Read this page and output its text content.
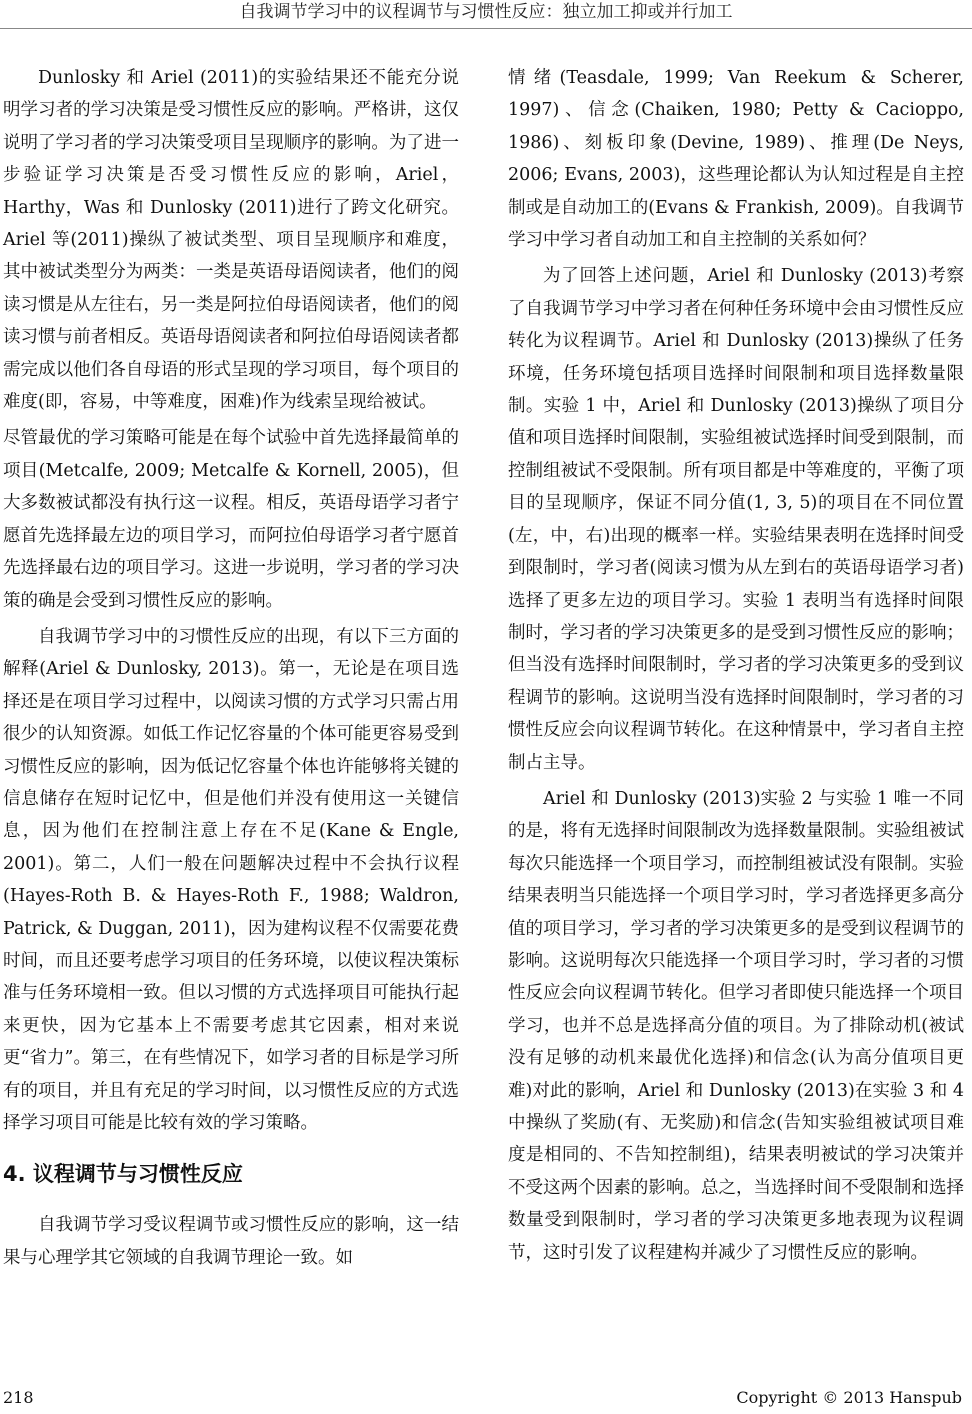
自我调节学习中的议程调节与习惯性反应：独立加工抑或并行加工

Dunlosky 和 Ariel (2011)的实验结果还不能充分说明学习者的学习决策是受习惯性反应的影响。严格讲，这仅说明了学习者的学习决策受项目呈现顺序的影响。为了进一步验证学习决策是否受习惯性反应的影响，Ariel，Harthy，Was 和 Dunlosky (2011)进行了跨文化研究。Ariel 等(2011)操纵了被试类型、项目呈现顺序和难度，其中被试类型分为两类：一类是英语母语阅读者，他们的阅读习惯是从左往右，另一类是阿拉伯母语阅读者，他们的阅读习惯与前者相反。英语母语阅读者和阿拉伯母语阅读者都需完成以他们各自母语的形式呈现的学习项目，每个项目的难度(即，容易，中等难度，困难)作为线索呈现给被试。

尽管最优的学习策略可能是在每个试验中首先选择最简单的项目(Metcalfe, 2009; Metcalfe & Kornell, 2005)，但大多数被试都没有执行这一议程。相反，英语母语学习者宁愿首先选择最左边的项目学习，而阿拉伯母语学习者宁愿首先选择最右边的项目学习。这进一步说明，学习者的学习决策的确是会受到习惯性反应的影响。

自我调节学习中的习惯性反应的出现，有以下三方面的解释(Ariel & Dunlosky, 2013)。第一，无论是在项目选择还是在项目学习过程中，以阅读习惯的方式学习只需占用很少的认知资源。如低工作记忆容量的个体可能更容易受到习惯性反应的影响，因为低记忆容量个体也许能够将关键的信息储存在短时记忆中，但是他们并没有使用这一关键信息，因为他们在控制注意上存在不足(Kane & Engle, 2001)。第二，人们一般在问题解决过程中不会执行议程(Hayes-Roth B. & Hayes-Roth F., 1988; Waldron, Patrick, & Duggan, 2011)，因为建构议程不仅需要花费时间，而且还要考虑学习项目的任务环境，以使议程决策标准与任务环境相一致。但以习惯的方式选择项目可能执行起来更快，因为它基本上不需要考虑其它因素，相对来说更“省力”。第三，在有些情况下，如学习者的目标是学习所有的项目，并且有充足的学习时间，以习惯性反应的方式选择学习项目可能是比较有效的学习策略。

4. 议程调节与习惯性反应

自我调节学习受议程调节或习惯性反应的影响，这一结果与心理学其它领域的自我调节理论一致。如

情绪(Teasdale, 1999; Van Reekum & Scherer, 1997)、信念(Chaiken, 1980; Petty & Cacioppo, 1986)、刻板印象(Devine, 1989)、推理(De Neys, 2006; Evans, 2003)，这些理论都认为认知过程是自主控制或是自动加工的(Evans & Frankish, 2009)。自我调节学习中学习者自动加工和自主控制的关系如何？

为了回答上述问题，Ariel 和 Dunlosky (2013)考察了自我调节学习中学习者在何种任务环境中会由习惯性反应转化为议程调节。Ariel 和 Dunlosky (2013)操纵了任务环境，任务环境包括项目选择时间限制和项目选择数量限制。实验 1 中，Ariel 和 Dunlosky (2013)操纵了项目分值和项目选择时间限制，实验组被试选择时间受到限制，而控制组被试不受限制。所有项目都是中等难度的，平衡了项目的呈现顺序，保证不同分值(1, 3, 5)的项目在不同位置(左，中，右)出现的概率一样。实验结果表明在选择时间受到限制时，学习者(阅读习惯为从左到右的英语母语学习者)选择了更多左边的项目学习。实验 1 表明当有选择时间限制时，学习者的学习决策更多的是受到习惯性反应的影响；但当没有选择时间限制时，学习者的学习决策更多的受到议程调节的影响。这说明当没有选择时间限制时，学习者的习惯性反应会向议程调节转化。在这种情景中，学习者自主控制占主导。

Ariel 和 Dunlosky (2013)实验 2 与实验 1 唯一不同的是，将有无选择时间限制改为选择数量限制。实验组被试每次只能选择一个项目学习，而控制组被试没有限制。实验结果表明当只能选择一个项目学习时，学习者选择更多高分值的项目学习，学习者的学习决策更多的是受到议程调节的影响。这说明每次只能选择一个项目学习时，学习者的习惯性反应会向议程调节转化。但学习者即使只能选择一个项目学习，也并不总是选择高分值的项目。为了排除动机(被试没有足够的动机来最优化选择)和信念(认为高分值项目更难)对此的影响，Ariel 和 Dunlosky (2013)在实验 3 和 4 中操纵了奖励(有、无奖励)和信念(告知实验组被试项目难度是相同的、不告知控制组)，结果表明被试的学习决策并不受这两个因素的影响。总之，当选择时间不受限制和选择数量受到限制时，学习者的学习决策更多地表现为议程调节，这时引发了议程建构并减少了习惯性反应的影响。

218	Copyright © 2013 Hanspub
